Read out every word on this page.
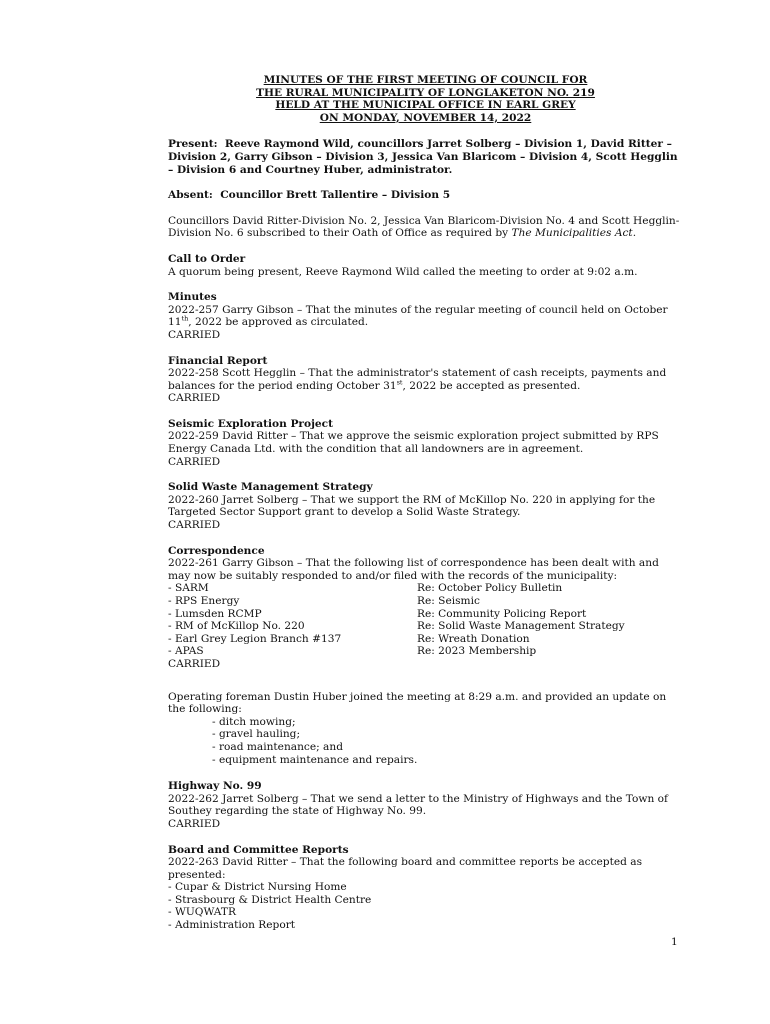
MINUTES OF THE FIRST MEETING OF COUNCIL FOR
THE RURAL MUNICIPALITY OF LONGLAKETON NO. 219
HELD AT THE MUNICIPAL OFFICE IN EARL GREY
ON MONDAY, NOVEMBER 14, 2022
Present: Reeve Raymond Wild, councillors Jarret Solberg – Division 1, David Ritter – Division 2, Garry Gibson – Division 3, Jessica Van Blaricom – Division 4, Scott Hegglin – Division 6 and Courtney Huber, administrator.
Absent: Councillor Brett Tallentire – Division 5
Councillors David Ritter-Division No. 2, Jessica Van Blaricom-Division No. 4 and Scott Hegglin-Division No. 6 subscribed to their Oath of Office as required by The Municipalities Act.
Call to Order
A quorum being present, Reeve Raymond Wild called the meeting to order at 9:02 a.m.
Minutes
2022-257 Garry Gibson – That the minutes of the regular meeting of council held on October 11th, 2022 be approved as circulated.
CARRIED
Financial Report
2022-258 Scott Hegglin – That the administrator's statement of cash receipts, payments and balances for the period ending October 31st, 2022 be accepted as presented.
CARRIED
Seismic Exploration Project
2022-259 David Ritter – That we approve the seismic exploration project submitted by RPS Energy Canada Ltd. with the condition that all landowners are in agreement.
CARRIED
Solid Waste Management Strategy
2022-260 Jarret Solberg – That we support the RM of McKillop No. 220 in applying for the Targeted Sector Support grant to develop a Solid Waste Strategy.
CARRIED
Correspondence
2022-261 Garry Gibson – That the following list of correspondence has been dealt with and may now be suitably responded to and/or filed with the records of the municipality:
- SARM	Re: October Policy Bulletin
- RPS Energy	Re: Seismic
- Lumsden RCMP	Re: Community Policing Report
- RM of McKillop No. 220	Re: Solid Waste Management Strategy
- Earl Grey Legion Branch #137	Re: Wreath Donation
- APAS	Re: 2023 Membership
CARRIED
Operating foreman Dustin Huber joined the meeting at 8:29 a.m. and provided an update on the following:
- ditch mowing;
- gravel hauling;
- road maintenance; and
- equipment maintenance and repairs.
Highway No. 99
2022-262 Jarret Solberg – That we send a letter to the Ministry of Highways and the Town of Southey regarding the state of Highway No. 99.
CARRIED
Board and Committee Reports
2022-263 David Ritter – That the following board and committee reports be accepted as presented:
- Cupar & District Nursing Home
- Strasbourg & District Health Centre
- WUQWATR
- Administration Report
1
